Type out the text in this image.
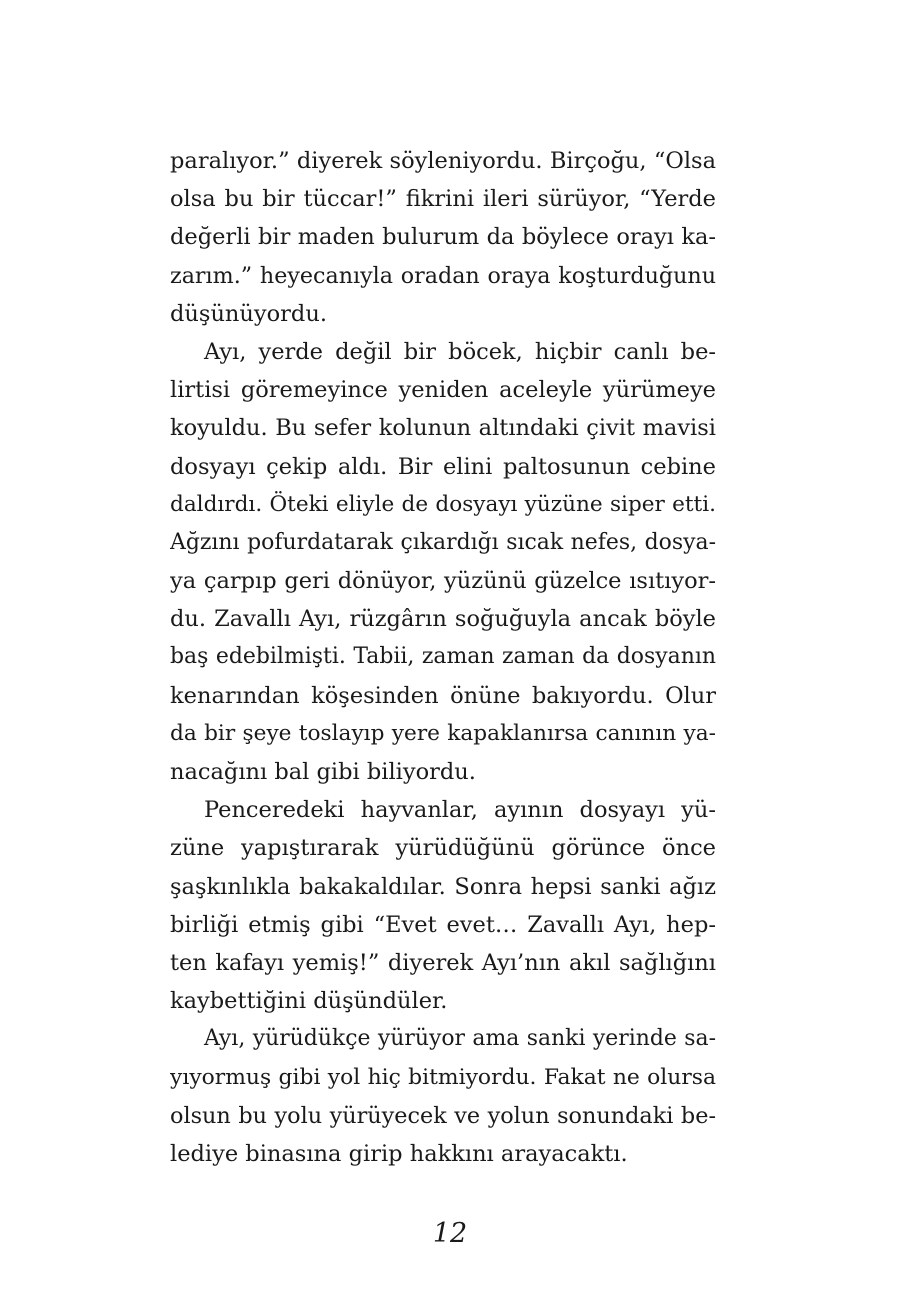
paralıyor.” diyerek söyleniyordu. Birçoğu, “Olsa
olsa bu bir tüccar!” fikrini ileri sürüyor, “Yerde
değerli bir maden bulurum da böylece orayı ka-
zarım.” heyecanıyla oradan oraya koşturduğunu
düşünüyordu.
Ayı, yerde değil bir böcek, hiçbir canlı be-
lirtisi göremeyince yeniden aceleyle yürümeye
koyuldu. Bu sefer kolunun altındaki çivit mavisi
dosyayı çekip aldı. Bir elini paltosunun cebine
daldırdı. Öteki eliyle de dosyayı yüzüne siper etti.
Ağzını pofurdatarak çıkardığı sıcak nefes, dosya-
ya çarpıp geri dönüyor, yüzünü güzelce ısıtıyor-
du. Zavallı Ayı, rüzgârın soğuğuyla ancak böyle
baş edebilmişti. Tabii, zaman zaman da dosyanın
kenarından köşesinden önüne bakıyordu. Olur
da bir şeye toslayıp yere kapaklanırsa canının ya-
nacağını bal gibi biliyordu.
Penceredeki hayvanlar, ayının dosyayı yü-
züne yapıştırarak yürüdüğünü görünce önce
şaşkınlıkla bakakaldılar. Sonra hepsi sanki ağız
birliği etmiş gibi “Evet evet… Zavallı Ayı, hep-
ten kafayı yemiş!” diyerek Ayı’nın akıl sağlığını
kaybettiğini düşündüler.
Ayı, yürüdükçe yürüyor ama sanki yerinde sa-
yıyormuş gibi yol hiç bitmiyordu. Fakat ne olursa
olsun bu yolu yürüyecek ve yolun sonundaki be-
lediye binasına girip hakkını arayacaktı.
12
